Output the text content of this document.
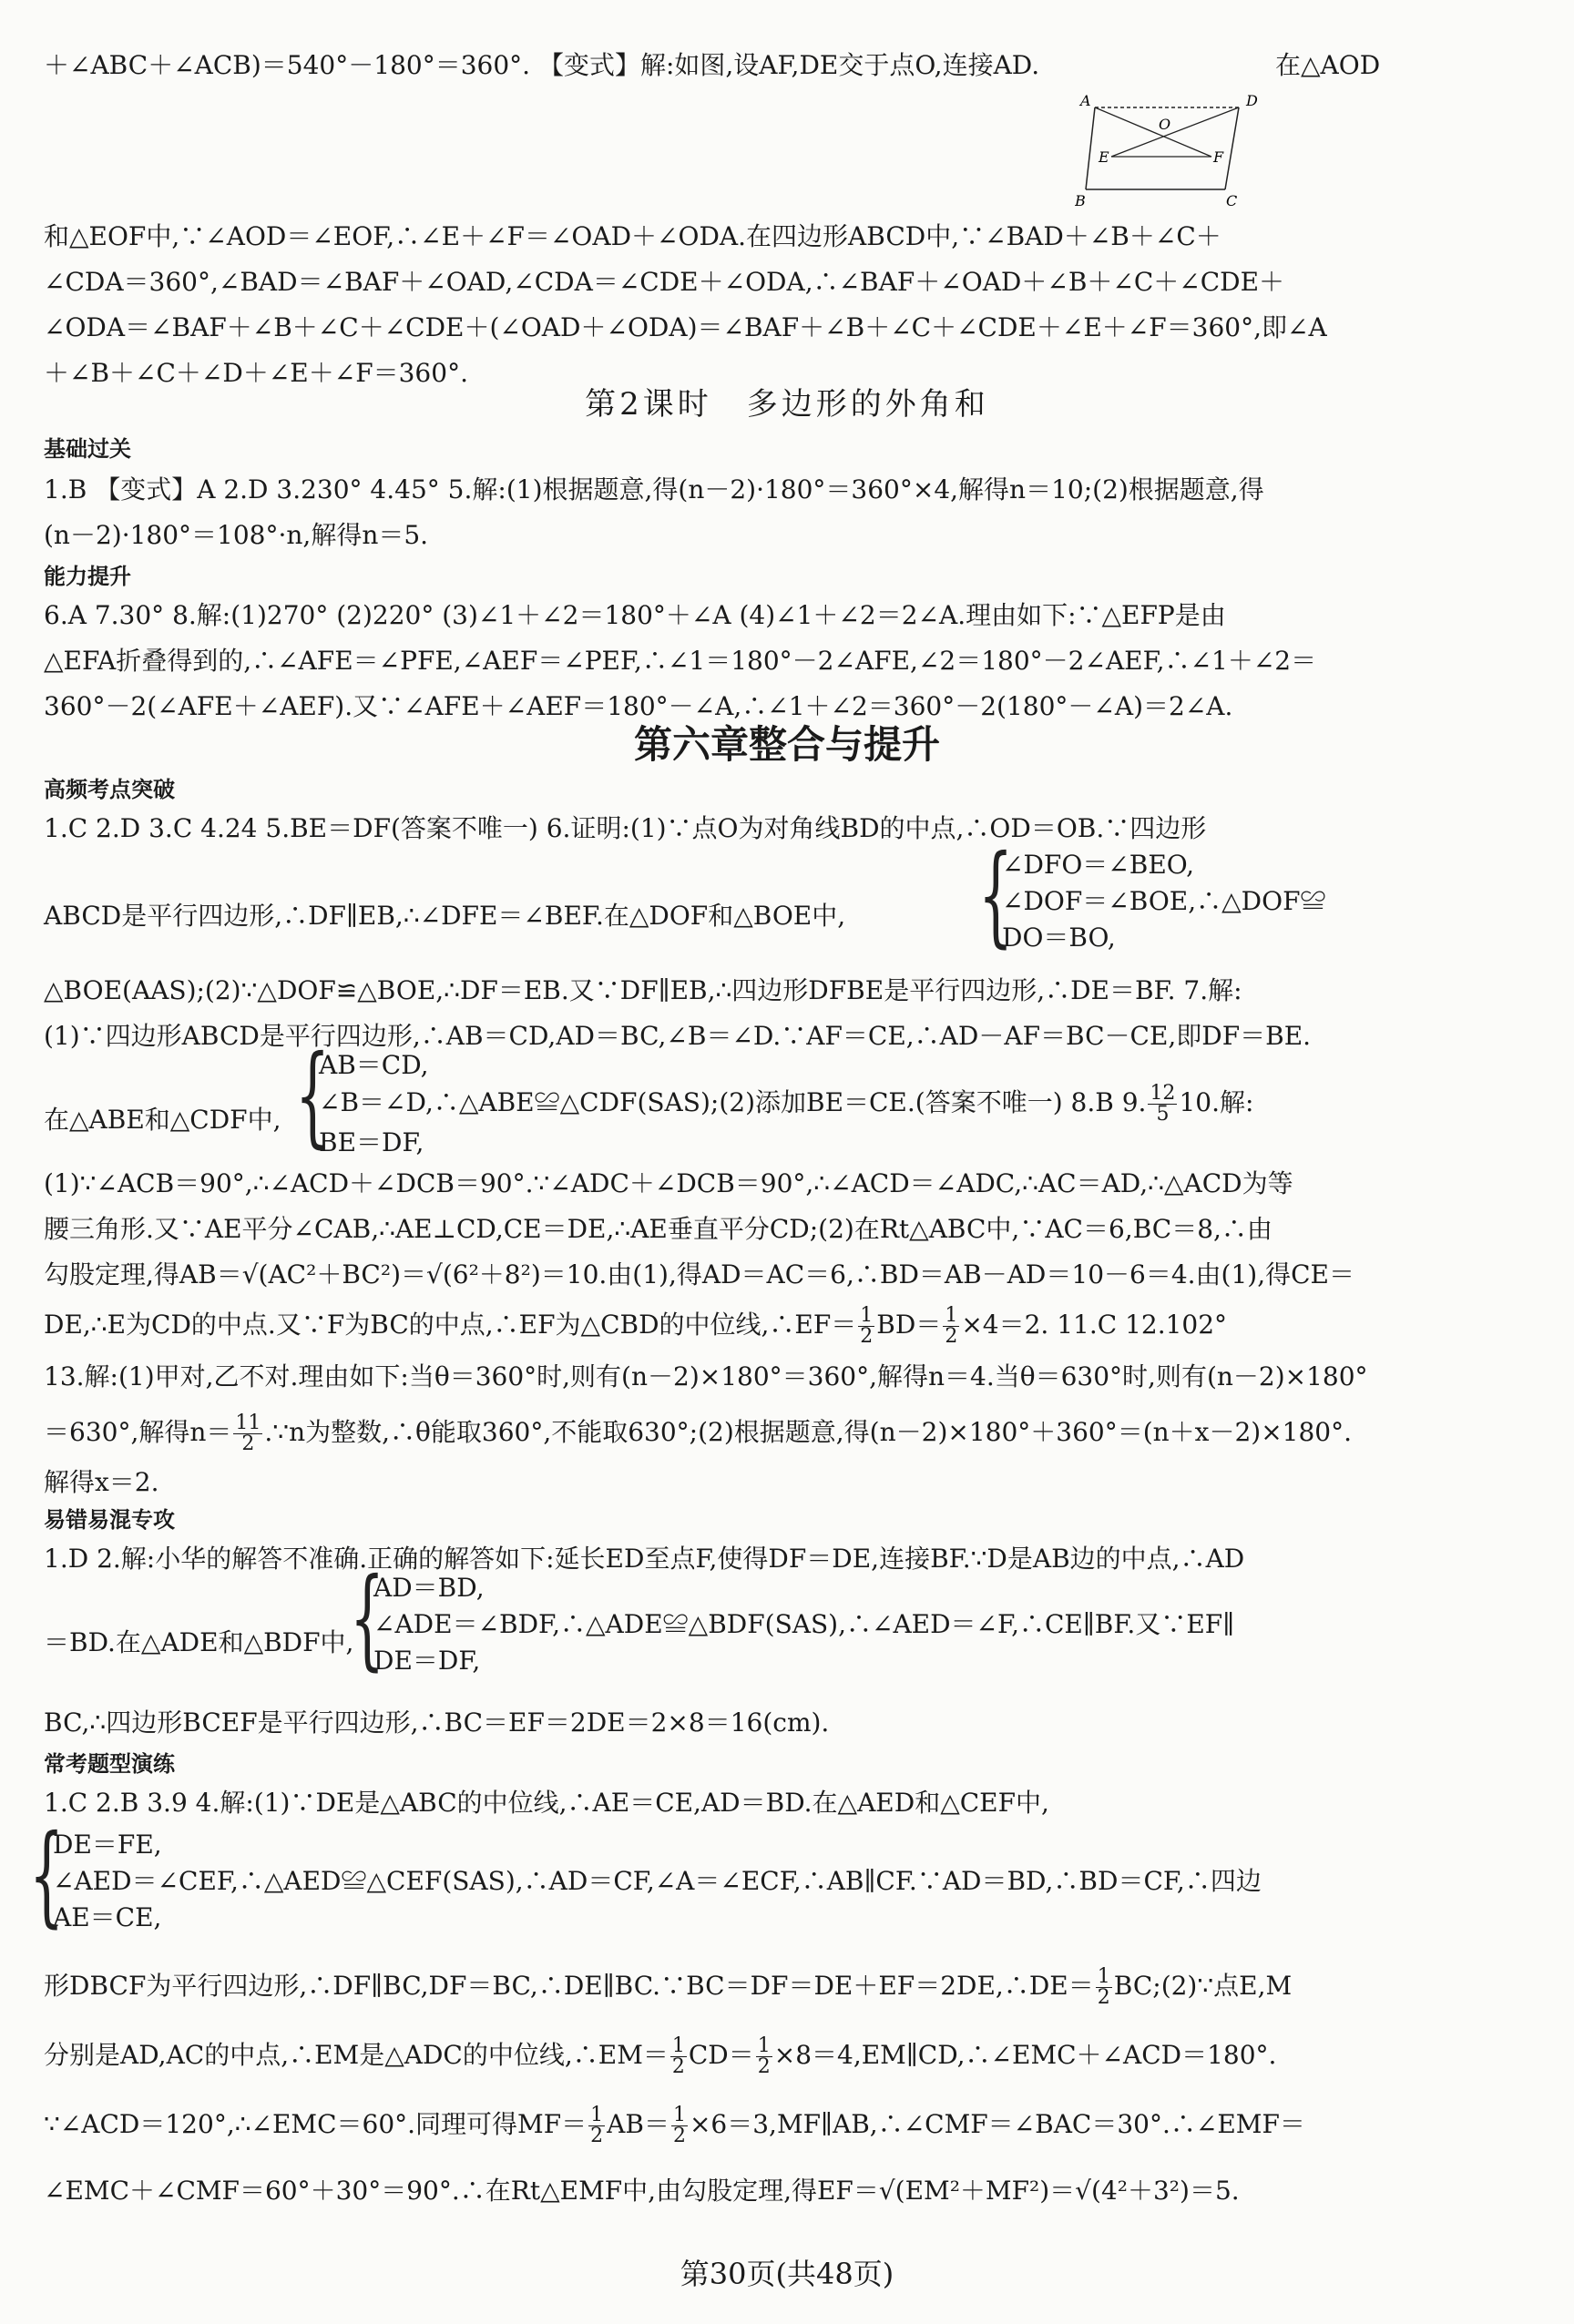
＋∠ABC＋∠ACB)＝540°－180°＝360°. 【变式】解:如图,设AF,DE交于点O,连接AD.	在△AOD
A	D
O
E	F
B	C
和△EOF中,∵∠AOD＝∠EOF,∴∠E＋∠F＝∠OAD＋∠ODA.在四边形ABCD中,∵∠BAD＋∠B＋∠C＋
∠CDA＝360°,∠BAD＝∠BAF＋∠OAD,∠CDA＝∠CDE＋∠ODA,∴∠BAF＋∠OAD＋∠B＋∠C＋∠CDE＋
∠ODA＝∠BAF＋∠B＋∠C＋∠CDE＋(∠OAD＋∠ODA)＝∠BAF＋∠B＋∠C＋∠CDE＋∠E＋∠F＝360°,即∠A
＋∠B＋∠C＋∠D＋∠E＋∠F＝360°.
第2课时　多边形的外角和
基础过关
1.B 【变式】A 2.D 3.230° 4.45° 5.解:(1)根据题意,得(n－2)·180°＝360°×4,解得n＝10;(2)根据题意,得
(n－2)·180°＝108°·n,解得n＝5.
能力提升
6.A 7.30° 8.解:(1)270° (2)220° (3)∠1＋∠2＝180°＋∠A (4)∠1＋∠2＝2∠A.理由如下:∵△EFP是由
△EFA折叠得到的,∴∠AFE＝∠PFE,∠AEF＝∠PEF,∴∠1＝180°－2∠AFE,∠2＝180°－2∠AEF,∴∠1＋∠2＝
360°－2(∠AFE＋∠AEF).又∵∠AFE＋∠AEF＝180°－∠A,∴∠1＋∠2＝360°－2(180°－∠A)＝2∠A.
第六章整合与提升
高频考点突破
1.C 2.D 3.C 4.24 5.BE＝DF(答案不唯一) 6.证明:(1)∵点O为对角线BD的中点,∴OD＝OB.∵四边形
ABCD是平行四边形,∴DF∥EB,∴∠DFE＝∠BEF.在△DOF和△BOE中,	{
∠DFO＝∠BEO,
∠DOF＝∠BOE,∴△DOF≌
DO＝BO,
△BOE(AAS);(2)∵△DOF≌△BOE,∴DF＝EB.又∵DF∥EB,∴四边形DFBE是平行四边形,∴DE＝BF. 7.解:
(1)∵四边形ABCD是平行四边形,∴AB＝CD,AD＝BC,∠B＝∠D.∵AF＝CE,∴AD－AF＝BC－CE,即DF＝BE.
在△ABE和△CDF中, {
AB＝CD,
∠B＝∠D,∴△ABE≌△CDF(SAS);(2)添加BE＝CE.(答案不唯一) 8.B 9. $\frac{12}{5} 10$.解:
BE＝DF,
(1)∵∠ACB＝90°,∴∠ACD＋∠DCB＝90°.∵∠ADC＋∠DCB＝90°,∴∠ACD＝∠ADC,∴AC＝AD,∴△ACD为等
腰三角形.又∵AE平分∠CAB,∴AE⊥CD,CE＝DE,∴AE垂直平分CD;(2)在Rt△ABC中,∵AC＝6,BC＝8,∴由
勾股定理,得AB＝√(AC²＋BC²)＝√(6²＋8²)＝10.由(1),得AD＝AC＝6,∴BD＝AB－AD＝10－6＝4.由(1),得CE＝
DE,∴E为CD的中点.又∵F为BC的中点,∴EF为△CBD的中位线,∴EF＝ $\frac{1}{2} BD= \frac{1}{2} \times 4=2$. 11.C 12.102°
13.解:(1)甲对,乙不对.理由如下:当θ＝360°时,则有(n－2)×180°＝360°,解得n＝4.当θ＝630°时,则有(n－2)×180°
＝630°,解得$n= \frac{11}{2}$ .∵n为整数,∴θ能取360°,不能取630°;(2)根据题意,得(n－2)×180°＋360°＝(n＋x－2)×180°.
解得x＝2.
易错易混专攻
1.D 2.解:小华的解答不准确.正确的解答如下:延长ED至点F,使得DF＝DE,连接BF.∵D是AB边的中点,∴AD
＝BD.在△ADE和△BDF中,
{
AD＝BD,
∠ADE＝∠BDF,∴△ADE≌△BDF(SAS),∴∠AED＝∠F,∴CE∥BF.又∵EF∥
DE＝DF,
BC,∴四边形BCEF是平行四边形,∴BC＝EF＝2DE＝2×8＝16(cm).
常考题型演练
1.C 2.B 3.9 4.解:(1)∵DE是△ABC的中位线,∴AE＝CE,AD＝BD.在△AED和△CEF中,
{
DE＝FE,
∠AED＝∠CEF,∴△AED≌△CEF(SAS),∴AD＝CF,∠A＝∠ECF,∴AB∥CF.∵AD＝BD,∴BD＝CF,∴四边
AE＝CE,
形DBCF为平行四边形,∴DF∥BC,DF＝BC,∴DE∥BC.∵BC＝DF＝DE＋EF＝2DE,∴DE＝ $\frac{1}{2}$ BC;(2)∵点E,M
分别是AD,AC的中点,∴EM是△ADC的中位线,∴EM＝ $\frac{1}{2} CD= \frac{1}{2}$ ×8＝4,EM∥CD,∴∠EMC＋∠ACD＝180°.
∵∠ACD＝120°,∴∠EMC＝60°.同理可得$MF= \frac{1}{2} AB= \frac{1}{2}$ ×6＝3,MF∥AB,∴∠CMF＝∠BAC＝30°.∴∠EMF＝
∠EMC＋∠CMF＝60°＋30°＝90°.∴在Rt△EMF中,由勾股定理,得EF＝√(EM²＋MF²)＝√(4²＋3²)＝5.
第30页(共48页)
